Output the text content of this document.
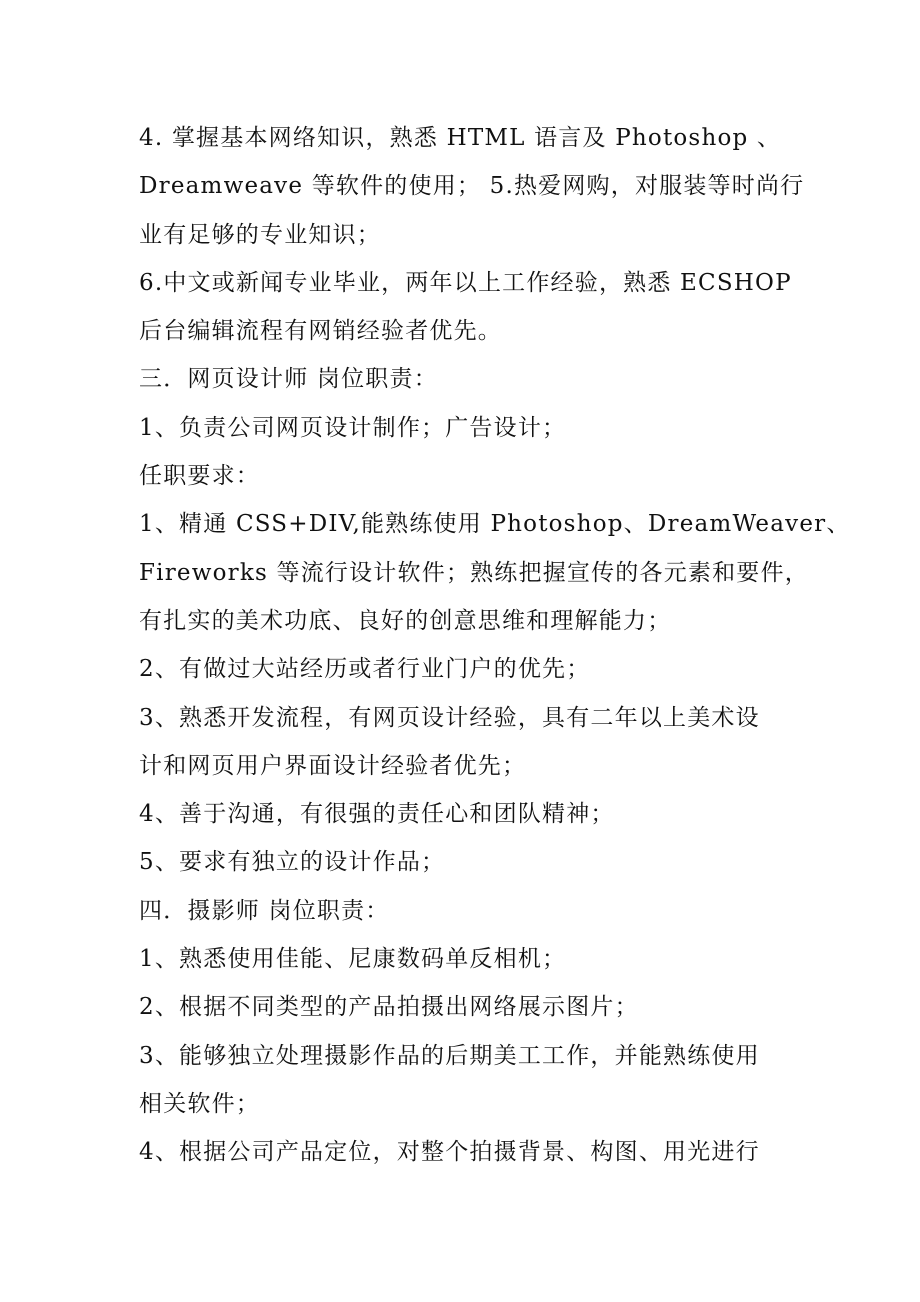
4. 掌握基本网络知识，熟悉 HTML 语言及 Photoshop 、
Dreamweave 等软件的使用； 5.热爱网购，对服装等时尚行
业有足够的专业知识；
6.中文或新闻专业毕业，两年以上工作经验，熟悉 ECSHOP
后台编辑流程有网销经验者优先。
三．网页设计师 岗位职责：
1、负责公司网页设计制作；广告设计；
任职要求：
1、精通 CSS+DIV,能熟练使用 Photoshop、DreamWeaver、
Fireworks 等流行设计软件；熟练把握宣传的各元素和要件，
有扎实的美术功底、良好的创意思维和理解能力；
2、有做过大站经历或者行业门户的优先；
3、熟悉开发流程，有网页设计经验，具有二年以上美术设
计和网页用户界面设计经验者优先；
4、善于沟通，有很强的责任心和团队精神；
5、要求有独立的设计作品；
四．摄影师 岗位职责：
1、熟悉使用佳能、尼康数码单反相机；
2、根据不同类型的产品拍摄出网络展示图片；
3、能够独立处理摄影作品的后期美工工作，并能熟练使用
相关软件；
4、根据公司产品定位，对整个拍摄背景、构图、用光进行
